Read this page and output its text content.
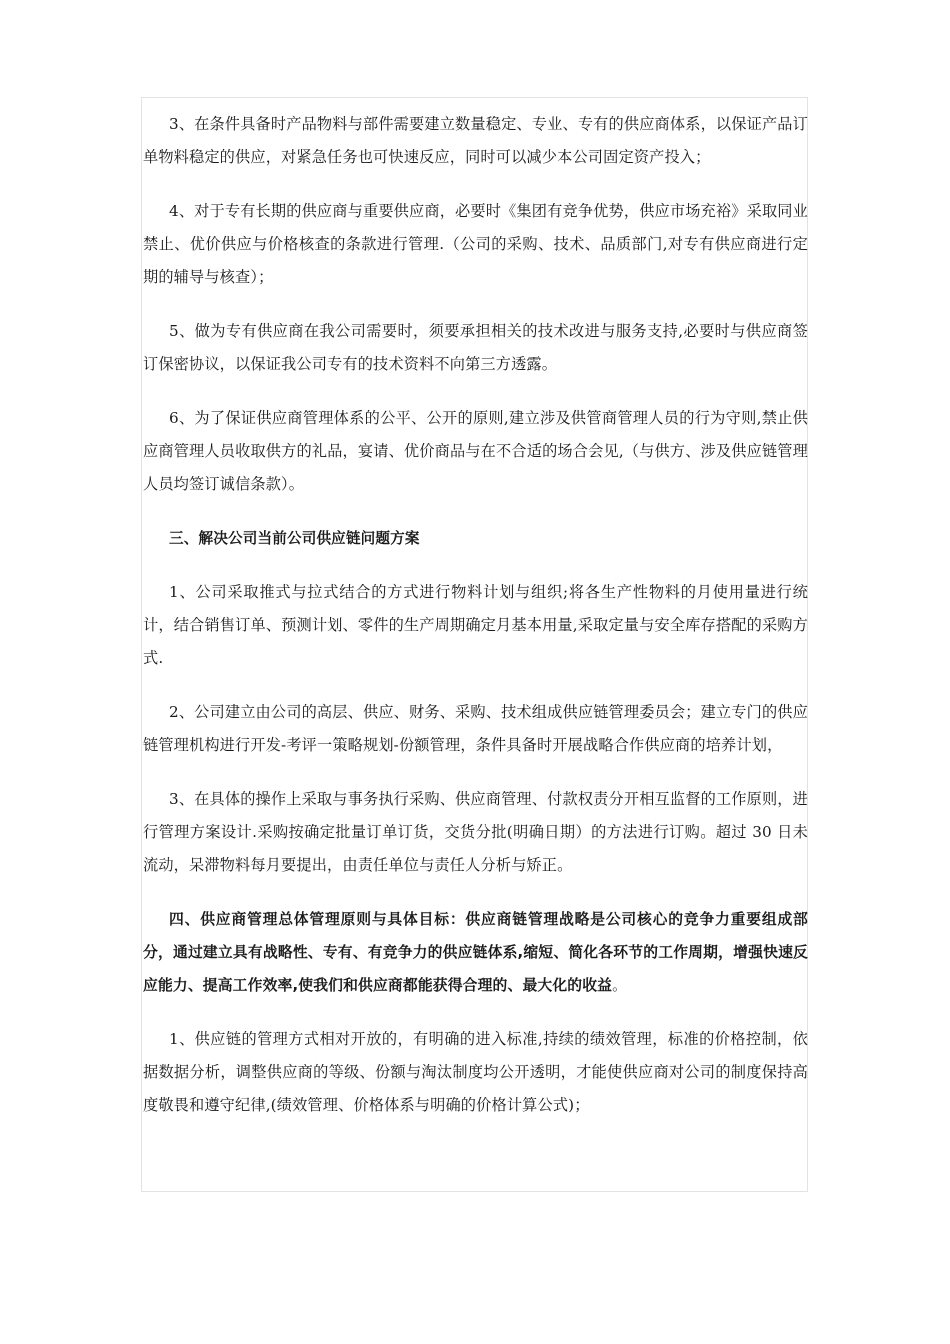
3、在条件具备时产品物料与部件需要建立数量稳定、专业、专有的供应商体系，以保证产品订单物料稳定的供应，对紧急任务也可快速反应，同时可以减少本公司固定资产投入；

4、对于专有长期的供应商与重要供应商，必要时《集团有竞争优势，供应市场充裕》采取同业禁止、优价供应与价格核查的条款进行管理.（公司的采购、技术、品质部门,对专有供应商进行定期的辅导与核查）；

5、做为专有供应商在我公司需要时，须要承担相关的技术改进与服务支持,必要时与供应商签订保密协议，以保证我公司专有的技术资料不向第三方透露。

6、为了保证供应商管理体系的公平、公开的原则,建立涉及供管商管理人员的行为守则,禁止供应商管理人员收取供方的礼品，宴请、优价商品与在不合适的场合会见,（与供方、涉及供应链管理人员均签订诚信条款）。

三、解决公司当前公司供应链问题方案

1、公司采取推式与拉式结合的方式进行物料计划与组织;将各生产性物料的月使用量进行统计，结合销售订单、预测计划、零件的生产周期确定月基本用量,采取定量与安全库存搭配的采购方式.

2、公司建立由公司的高层、供应、财务、采购、技术组成供应链管理委员会；建立专门的供应链管理机构进行开发-考评一策略规划-份额管理，条件具备时开展战略合作供应商的培养计划，

3、在具体的操作上采取与事务执行采购、供应商管理、付款权责分开相互监督的工作原则，进行管理方案设计.采购按确定批量订单订货，交货分批(明确日期）的方法进行订购。超过 30 日未流动，呆滞物料每月要提出，由责任单位与责任人分析与矫正。

四、供应商管理总体管理原则与具体目标：供应商链管理战略是公司核心的竞争力重要组成部分，通过建立具有战略性、专有、有竞争力的供应链体系,缩短、简化各环节的工作周期，增强快速反应能力、提高工作效率,使我们和供应商都能获得合理的、最大化的收益。

1、供应链的管理方式相对开放的，有明确的进入标准,持续的绩效管理，标准的价格控制，依据数据分析，调整供应商的等级、份额与淘汰制度均公开透明，才能使供应商对公司的制度保持高度敬畏和遵守纪律,(绩效管理、价格体系与明确的价格计算公式)；
